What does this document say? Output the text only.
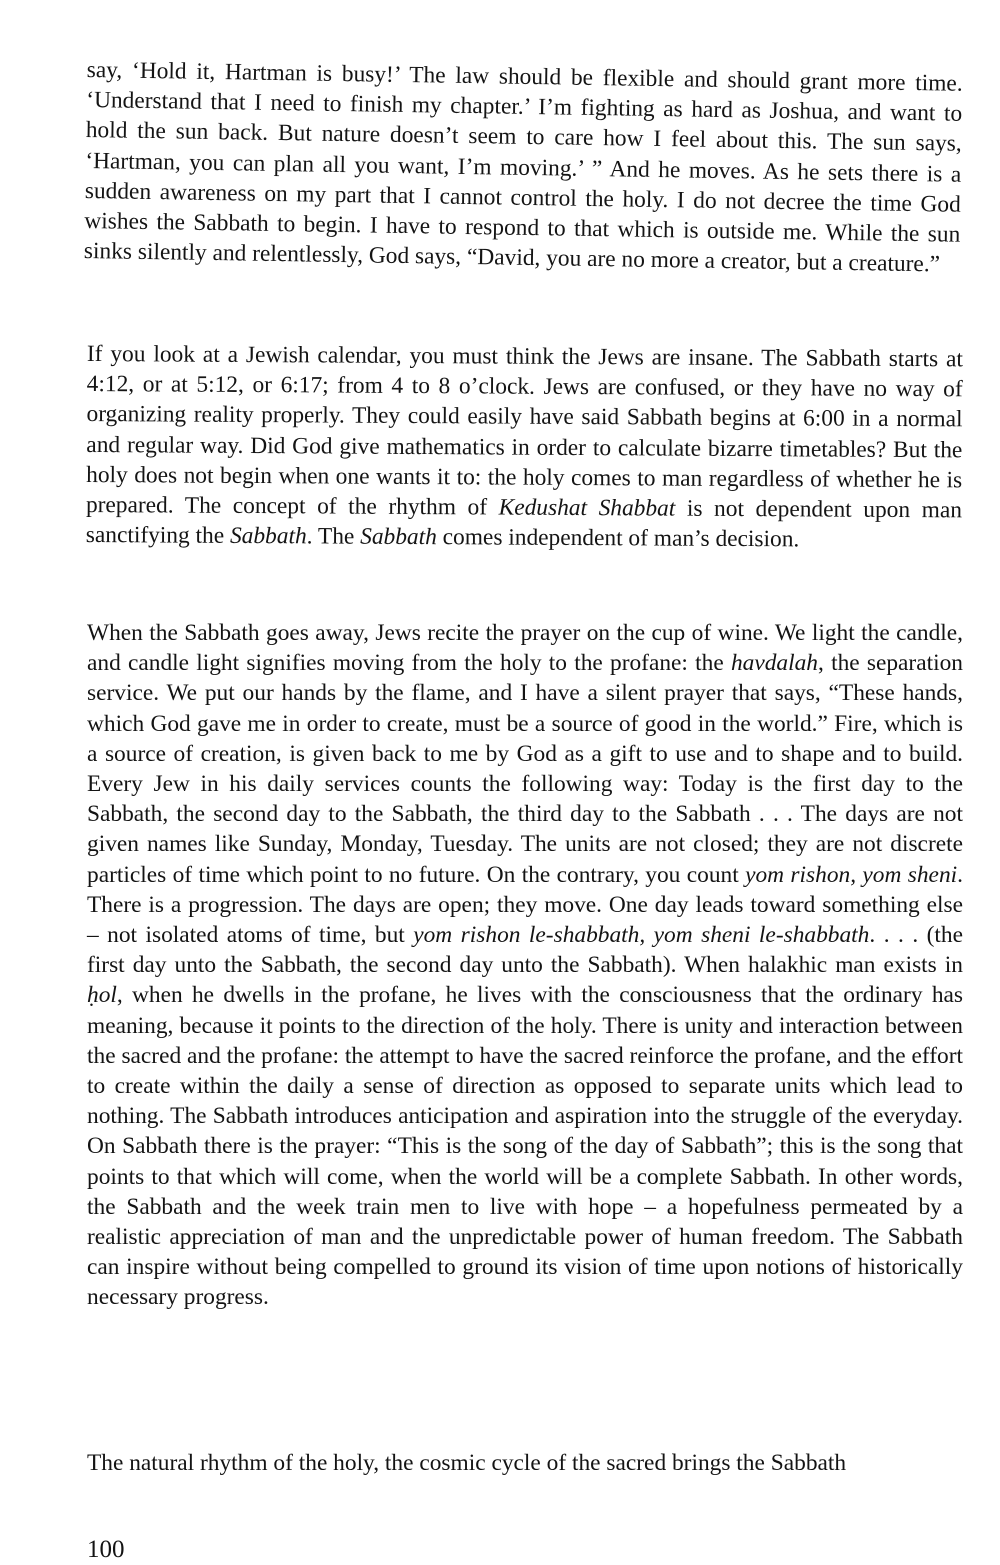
say, ‘Hold it, Hartman is busy!’ The law should be flexible and should grant more time. ‘Understand that I need to finish my chapter.’ I’m fighting as hard as Joshua, and want to hold the sun back. But nature doesn’t seem to care how I feel about this. The sun says, ‘Hartman, you can plan all you want, I’m moving.’ ” And he moves. As he sets there is a sudden awareness on my part that I cannot control the holy. I do not decree the time God wishes the Sabbath to begin. I have to respond to that which is outside me. While the sun sinks silently and relentlessly, God says, “David, you are no more a creator, but a creature.”

If you look at a Jewish calendar, you must think the Jews are insane. The Sabbath starts at 4:12, or at 5:12, or 6:17; from 4 to 8 o’clock. Jews are confused, or they have no way of organizing reality properly. They could easily have said Sabbath begins at 6:00 in a normal and regular way. Did God give mathematics in order to calculate bizarre timetables? But the holy does not begin when one wants it to: the holy comes to man regardless of whether he is prepared. The concept of the rhythm of Kedushat Shabbat is not dependent upon man sanctifying the Sabbath. The Sabbath comes independent of man’s decision.

When the Sabbath goes away, Jews recite the prayer on the cup of wine. We light the candle, and candle light signifies moving from the holy to the profane: the havdalah, the separation service. We put our hands by the flame, and I have a silent prayer that says, “These hands, which God gave me in order to create, must be a source of good in the world.” Fire, which is a source of creation, is given back to me by God as a gift to use and to shape and to build. Every Jew in his daily services counts the following way: Today is the first day to the Sabbath, the second day to the Sabbath, the third day to the Sabbath . . . The days are not given names like Sunday, Monday, Tuesday. The units are not closed; they are not discrete particles of time which point to no future. On the contrary, you count yom rishon, yom sheni. There is a progression. The days are open; they move. One day leads toward something else – not isolated atoms of time, but yom rishon le-shabbath, yom sheni le-shabbath. . . . (the first day unto the Sabbath, the second day unto the Sabbath). When halakhic man exists in ḥol, when he dwells in the profane, he lives with the consciousness that the ordinary has meaning, because it points to the direction of the holy. There is unity and interaction between the sacred and the profane: the attempt to have the sacred reinforce the profane, and the effort to create within the daily a sense of direction as opposed to separate units which lead to nothing. The Sabbath introduces anticipation and aspiration into the struggle of the everyday. On Sabbath there is the prayer: “This is the song of the day of Sabbath”; this is the song that points to that which will come, when the world will be a complete Sabbath. In other words, the Sabbath and the week train men to live with hope – a hopefulness permeated by a realistic appreciation of man and the unpredictable power of human freedom. The Sabbath can inspire without being compelled to ground its vision of time upon notions of historically necessary progress.

The natural rhythm of the holy, the cosmic cycle of the sacred brings the Sabbath

100
